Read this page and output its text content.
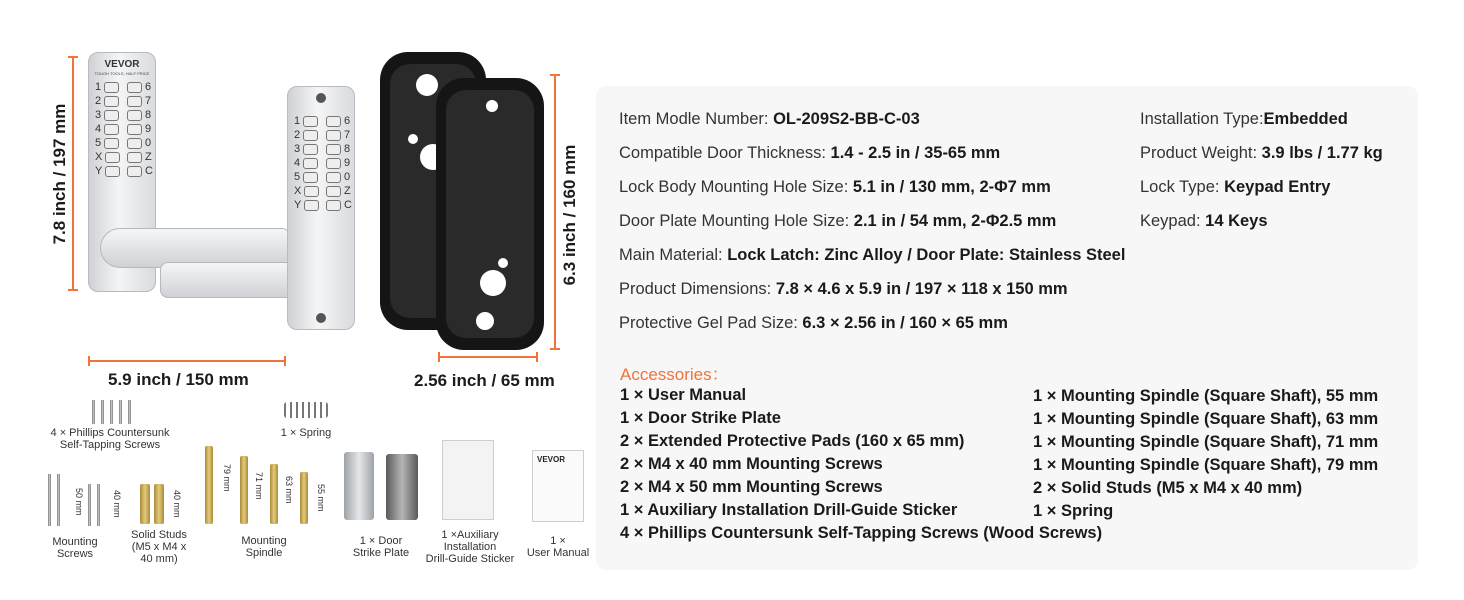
7.8 inch / 197 mm
5.9 inch / 150 mm
6.3 inch / 160 mm
2.56 inch / 65 mm
VEVOR
TOUGH TOOLS, HALF PRICE
1	6
2	7
3	8
4	9
5	0
X	Z
Y	C
1	6
2	7
3	8
4	9
5	0
X	Z
Y	C
4 × Phillips Countersunk
Self-Tapping Screws
1 × Spring
50 mm	40 mm
Mounting
Screws
40 mm
Solid Studs
(M5 x M4 x
40 mm)
79 mm 71 mm 63 mm 55 mm
Mounting
Spindle
1 × Door
Strike Plate
1 ×Auxiliary
Installation
Drill-Guide Sticker
VEVOR
1 ×
User Manual
Item Modle Number: OL-209S2-BB-C-03
Compatible Door Thickness: 1.4 - 2.5 in / 35-65 mm
Lock Body Mounting Hole Size: 5.1 in / 130 mm, 2-Φ7 mm
Door Plate Mounting Hole Size: 2.1 in / 54 mm, 2-Φ2.5 mm
Main Material: Lock Latch: Zinc Alloy / Door Plate: Stainless Steel
Product Dimensions: 7.8 × 4.6 x 5.9 in / 197 × 118 x 150 mm
Protective Gel Pad Size: 6.3 × 2.56 in / 160 × 65 mm
Installation Type:Embedded
Product Weight: 3.9 lbs / 1.77 kg
Lock Type: Keypad Entry
Keypad: 14 Keys
Accessories：
1 × User Manual
1 × Door Strike Plate
2 × Extended Protective Pads (160 x 65 mm)
2 × M4 x 40 mm Mounting Screws
2 × M4 x 50 mm Mounting Screws
1 × Auxiliary Installation Drill-Guide Sticker
4 × Phillips Countersunk Self-Tapping Screws (Wood Screws)
1 × Mounting Spindle (Square Shaft), 55 mm
1 × Mounting Spindle (Square Shaft), 63 mm
1 × Mounting Spindle (Square Shaft), 71 mm
1 × Mounting Spindle (Square Shaft), 79 mm
2 × Solid Studs (M5 x M4 x 40 mm)
1 × Spring
